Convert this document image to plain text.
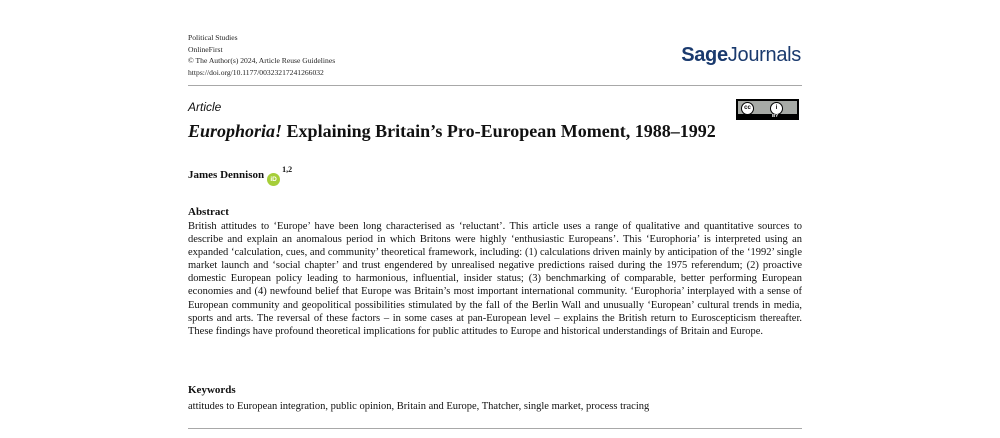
Political Studies
OnlineFirst
© The Author(s) 2024, Article Reuse Guidelines
https://doi.org/10.1177/00323217241266032
SageJournals
Article	cc	i
BY
Europhoria! Explaining Britain’s Pro-European Moment, 1988–1992
James Dennison iD$^{1,2}$
Abstract
British attitudes to ‘Europe’ have been long characterised as ‘reluctant’. This article uses a range of qualitative and quantitative sources to describe and explain an anomalous period in which Britons were highly ‘enthusiastic Europeans’. This ‘Europhoria’ is interpreted using an expanded ‘calculation, cues, and community’ theoretical framework, including: (1) calculations driven mainly by anticipation of the ‘1992’ single market launch and ‘social chapter’ and trust engendered by unrealised negative predictions raised during the 1975 referendum; (2) proactive domestic European policy leading to harmonious, influential, insider status; (3) benchmarking of comparable, better performing European economies and (4) newfound belief that Europe was Britain’s most important international community. ‘Europhoria’ interplayed with a sense of European community and geopolitical possibilities stimulated by the fall of the Berlin Wall and unusually ‘European’ cultural trends in media, sports and arts. The reversal of these factors – in some cases at pan-European level – explains the British return to Euroscepticism thereafter. These findings have profound theoretical implications for public attitudes to Europe and historical understandings of Britain and Europe.
Keywords
attitudes to European integration, public opinion, Britain and Europe, Thatcher, single market, process tracing
